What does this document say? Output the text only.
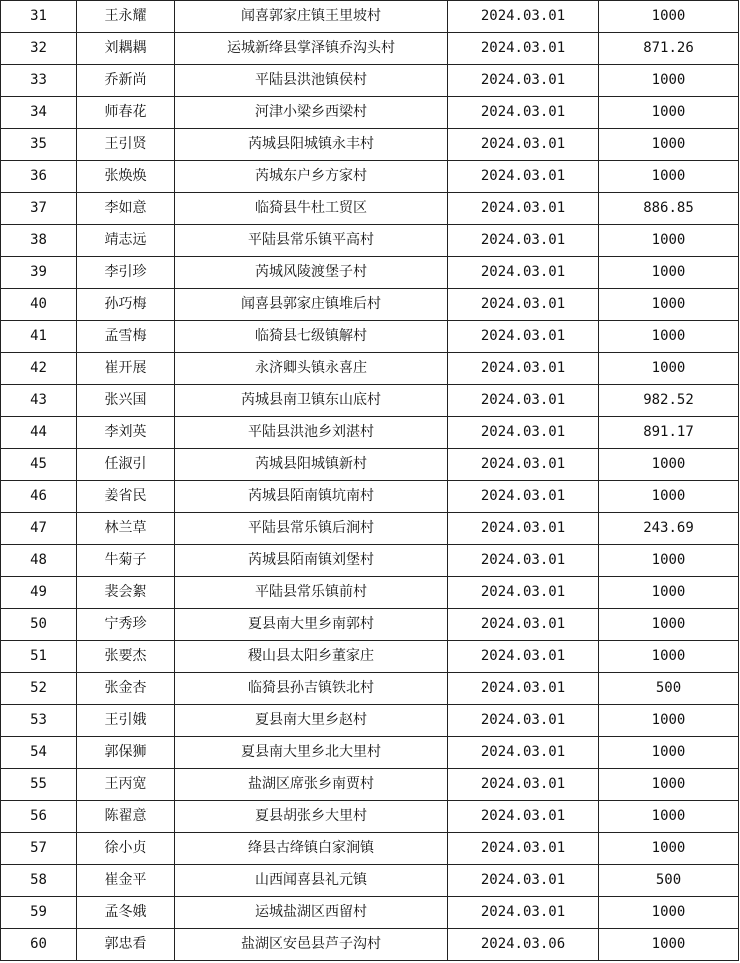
31	王永耀	闻喜郭家庄镇王里坡村	2024.03.01	1000
32	刘耦耦	运城新绛县掌泽镇乔沟头村	2024.03.01	871.26
33	乔新尚	平陆县洪池镇侯村	2024.03.01	1000
34	师春花	河津小梁乡西梁村	2024.03.01	1000
35	王引贤	芮城县阳城镇永丰村	2024.03.01	1000
36	张焕焕	芮城东户乡方家村	2024.03.01	1000
37	李如意	临猗县牛杜工贸区	2024.03.01	886.85
38	靖志远	平陆县常乐镇平高村	2024.03.01	1000
39	李引珍	芮城风陵渡堡子村	2024.03.01	1000
40	孙巧梅	闻喜县郭家庄镇堆后村	2024.03.01	1000
41	孟雪梅	临猗县七级镇解村	2024.03.01	1000
42	崔开展	永济卿头镇永喜庄	2024.03.01	1000
43	张兴国	芮城县南卫镇东山底村	2024.03.01	982.52
44	李刘英	平陆县洪池乡刘湛村	2024.03.01	891.17
45	任淑引	芮城县阳城镇新村	2024.03.01	1000
46	姜省民	芮城县陌南镇坑南村	2024.03.01	1000
47	林兰草	平陆县常乐镇后涧村	2024.03.01	243.69
48	牛菊子	芮城县陌南镇刘堡村	2024.03.01	1000
49	裴会絮	平陆县常乐镇前村	2024.03.01	1000
50	宁秀珍	夏县南大里乡南郭村	2024.03.01	1000
51	张要杰	稷山县太阳乡董家庄	2024.03.01	1000
52	张金杏	临猗县孙吉镇铁北村	2024.03.01	500
53	王引娥	夏县南大里乡赵村	2024.03.01	1000
54	郭保狮	夏县南大里乡北大里村	2024.03.01	1000
55	王丙宽	盐湖区席张乡南贾村	2024.03.01	1000
56	陈翟意	夏县胡张乡大里村	2024.03.01	1000
57	徐小贞	绛县古绛镇白家涧镇	2024.03.01	1000
58	崔金平	山西闻喜县礼元镇	2024.03.01	500
59	孟冬娥	运城盐湖区西留村	2024.03.01	1000
60	郭忠看	盐湖区安邑县芦子沟村	2024.03.06	1000
